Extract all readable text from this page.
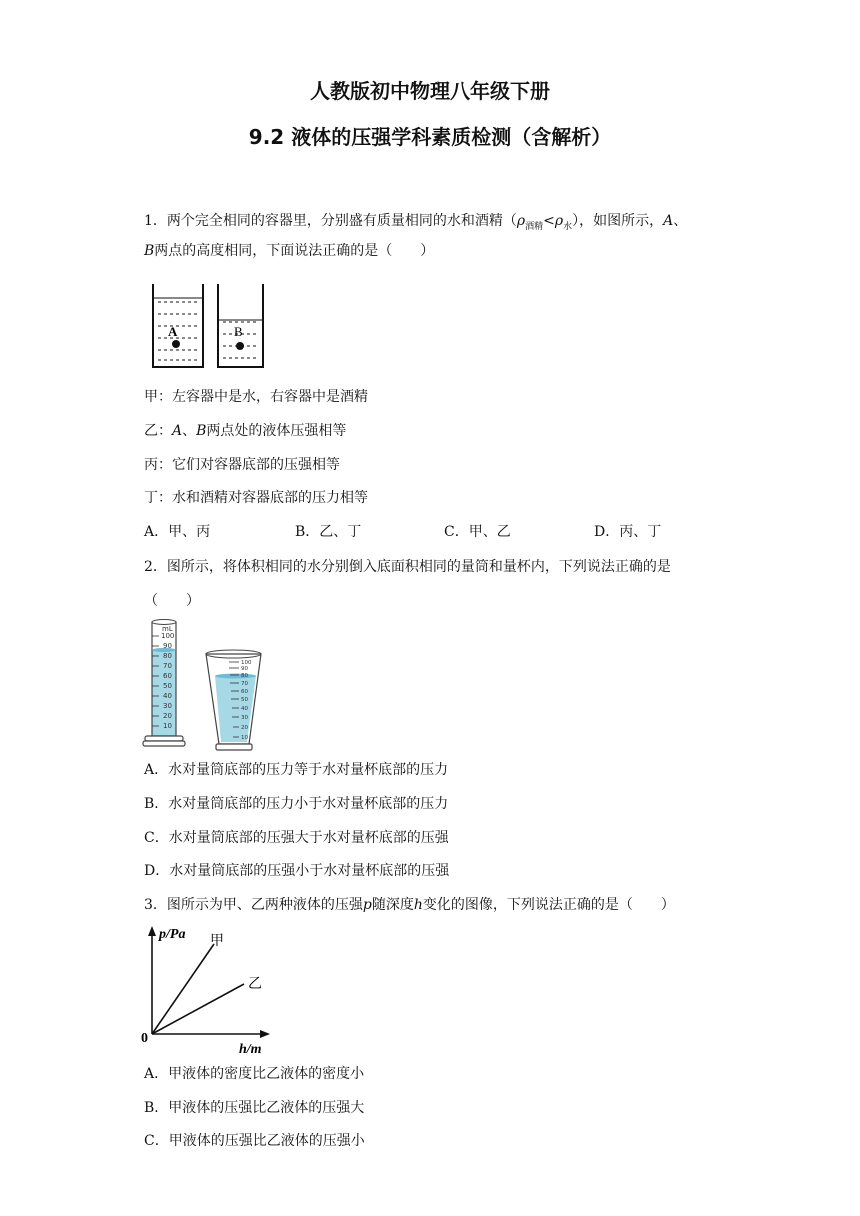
人教版初中物理八年级下册
9.2 液体的压强学科素质检测（含解析）
1．两个完全相同的容器里，分别盛有质量相同的水和酒精$(\rho_{酒精}<\rho_水)$，如图所示，A、
B两点的高度相同，下面说法正确的是（　　）
A	B
甲：左容器中是水，右容器中是酒精
乙：A、B两点处的液体压强相等
丙：它们对容器底部的压强相等
丁：水和酒精对容器底部的压力相等
A．甲、丙	B．乙、丁	C．甲、乙	D．丙、丁
2．图所示，将体积相同的水分别倒入底面积相同的量筒和量杯内，下列说法正确的是
（　　）
mL
100
90
80
70
60
50
40
30
20
10
100
90
80
70
60
50
40
30
20
10
A．水对量筒底部的压力等于水对量杯底部的压力
B．水对量筒底部的压力小于水对量杯底部的压力
C．水对量筒底部的压强大于水对量杯底部的压强
D．水对量筒底部的压强小于水对量杯底部的压强
3．图所示为甲、乙两种液体的压强p随深度h变化的图像，下列说法正确的是（　　）
p/Pa
h/m
0
甲
乙
A．甲液体的密度比乙液体的密度小
B．甲液体的压强比乙液体的压强大
C．甲液体的压强比乙液体的压强小
